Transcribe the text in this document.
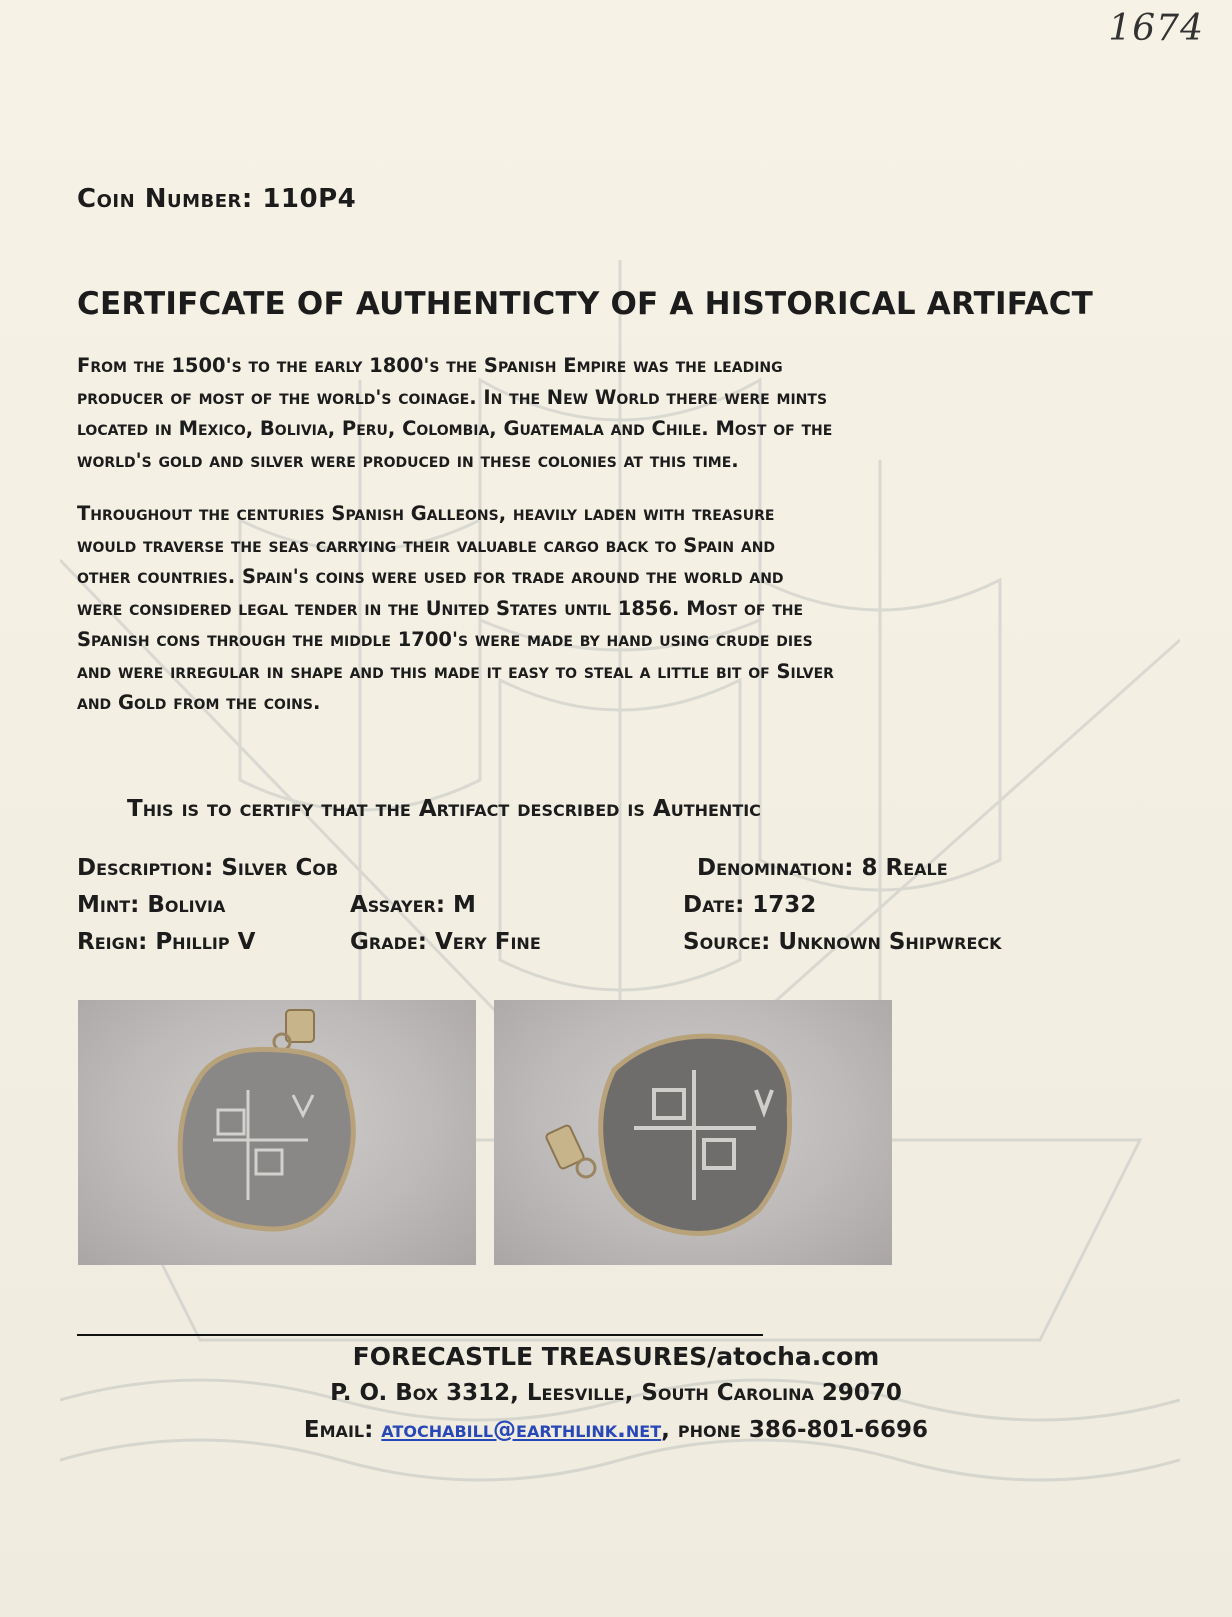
1674
Coin Number: 110P4
CERTIFCATE OF AUTHENTICTY OF A HISTORICAL ARTIFACT
From the 1500's to the early 1800's the Spanish Empire was the leading
producer of most of the world's coinage. In the New World there were mints
located in Mexico, Bolivia, Peru, Colombia, Guatemala and Chile. Most of the
world's gold and silver were produced in these colonies at this time.
Throughout the centuries Spanish Galleons, heavily laden with treasure
would traverse the seas carrying their valuable cargo back to Spain and
other countries. Spain's coins were used for trade around the world and
were considered legal tender in the United States until 1856. Most of the
Spanish cons through the middle 1700's were made by hand using crude dies
and were irregular in shape and this made it easy to steal a little bit of Silver
and Gold from the coins.
This is to certify that the Artifact described is Authentic
Description: Silver Cob	Denomination: 8 Reale
Mint: Bolivia	Assayer: M	Date: 1732
Reign: Phillip V	Grade: Very Fine	Source: Unknown Shipwreck
FORECASTLE TREASURES/atocha.com
P. O. Box 3312, Leesville, South Carolina 29070
Email: atochabill@earthlink.net, phone 386-801-6696
